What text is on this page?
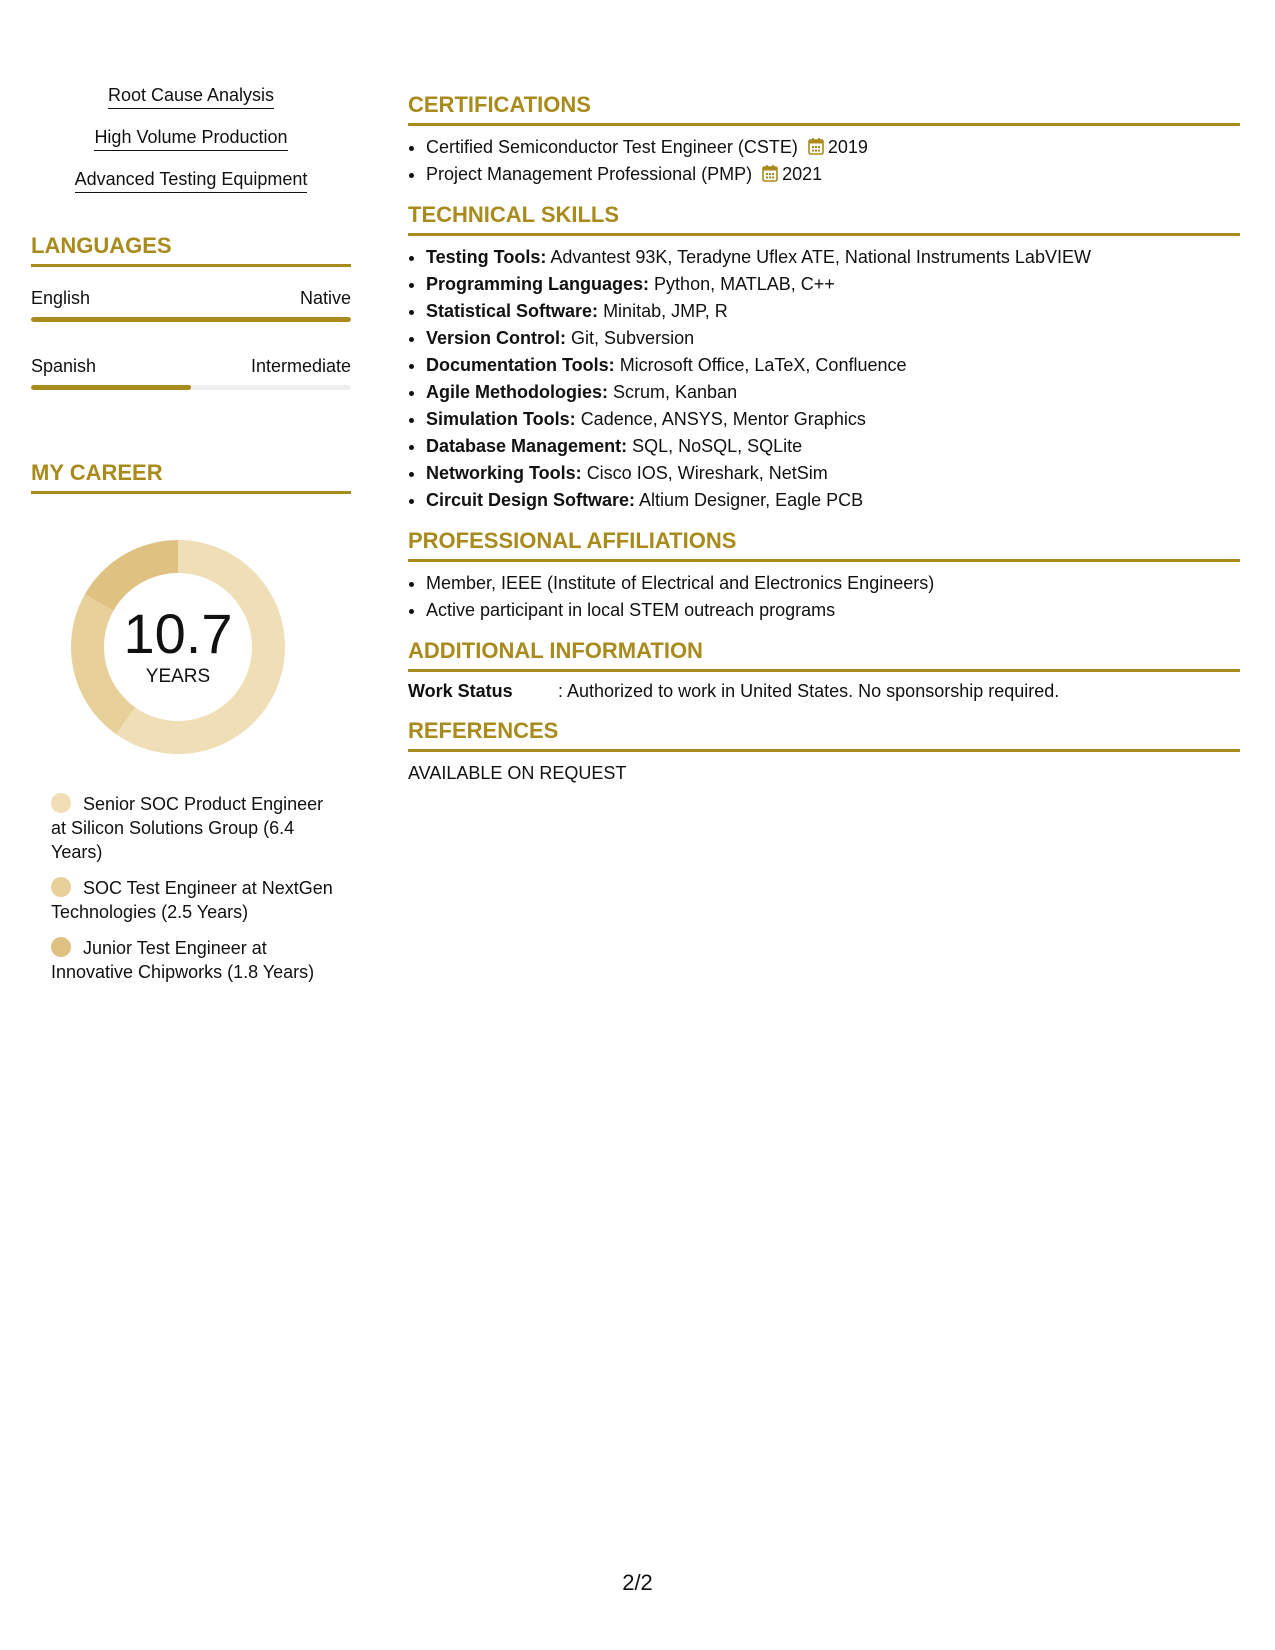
Root Cause Analysis
High Volume Production
Advanced Testing Equipment
LANGUAGES
English	Native
Spanish	Intermediate
MY CAREER
10.7
YEARS
Senior SOC Product Engineer at Silicon Solutions Group (6.4 Years)
SOC Test Engineer at NextGen Technologies (2.5 Years)
Junior Test Engineer at Innovative Chipworks (1.8 Years)
CERTIFICATIONS
• Certified Semiconductor Test Engineer (CSTE) 2019
• Project Management Professional (PMP) 2021
TECHNICAL SKILLS
• Testing Tools: Advantest 93K, Teradyne Uflex ATE, National Instruments LabVIEW
• Programming Languages: Python, MATLAB, C++
• Statistical Software: Minitab, JMP, R
• Version Control: Git, Subversion
• Documentation Tools: Microsoft Office, LaTeX, Confluence
• Agile Methodologies: Scrum, Kanban
• Simulation Tools: Cadence, ANSYS, Mentor Graphics
• Database Management: SQL, NoSQL, SQLite
• Networking Tools: Cisco IOS, Wireshark, NetSim
• Circuit Design Software: Altium Designer, Eagle PCB
PROFESSIONAL AFFILIATIONS
• Member, IEEE (Institute of Electrical and Electronics Engineers)
• Active participant in local STEM outreach programs
ADDITIONAL INFORMATION
Work Status	: Authorized to work in United States. No sponsorship required.
REFERENCES
AVAILABLE ON REQUEST
2/2
